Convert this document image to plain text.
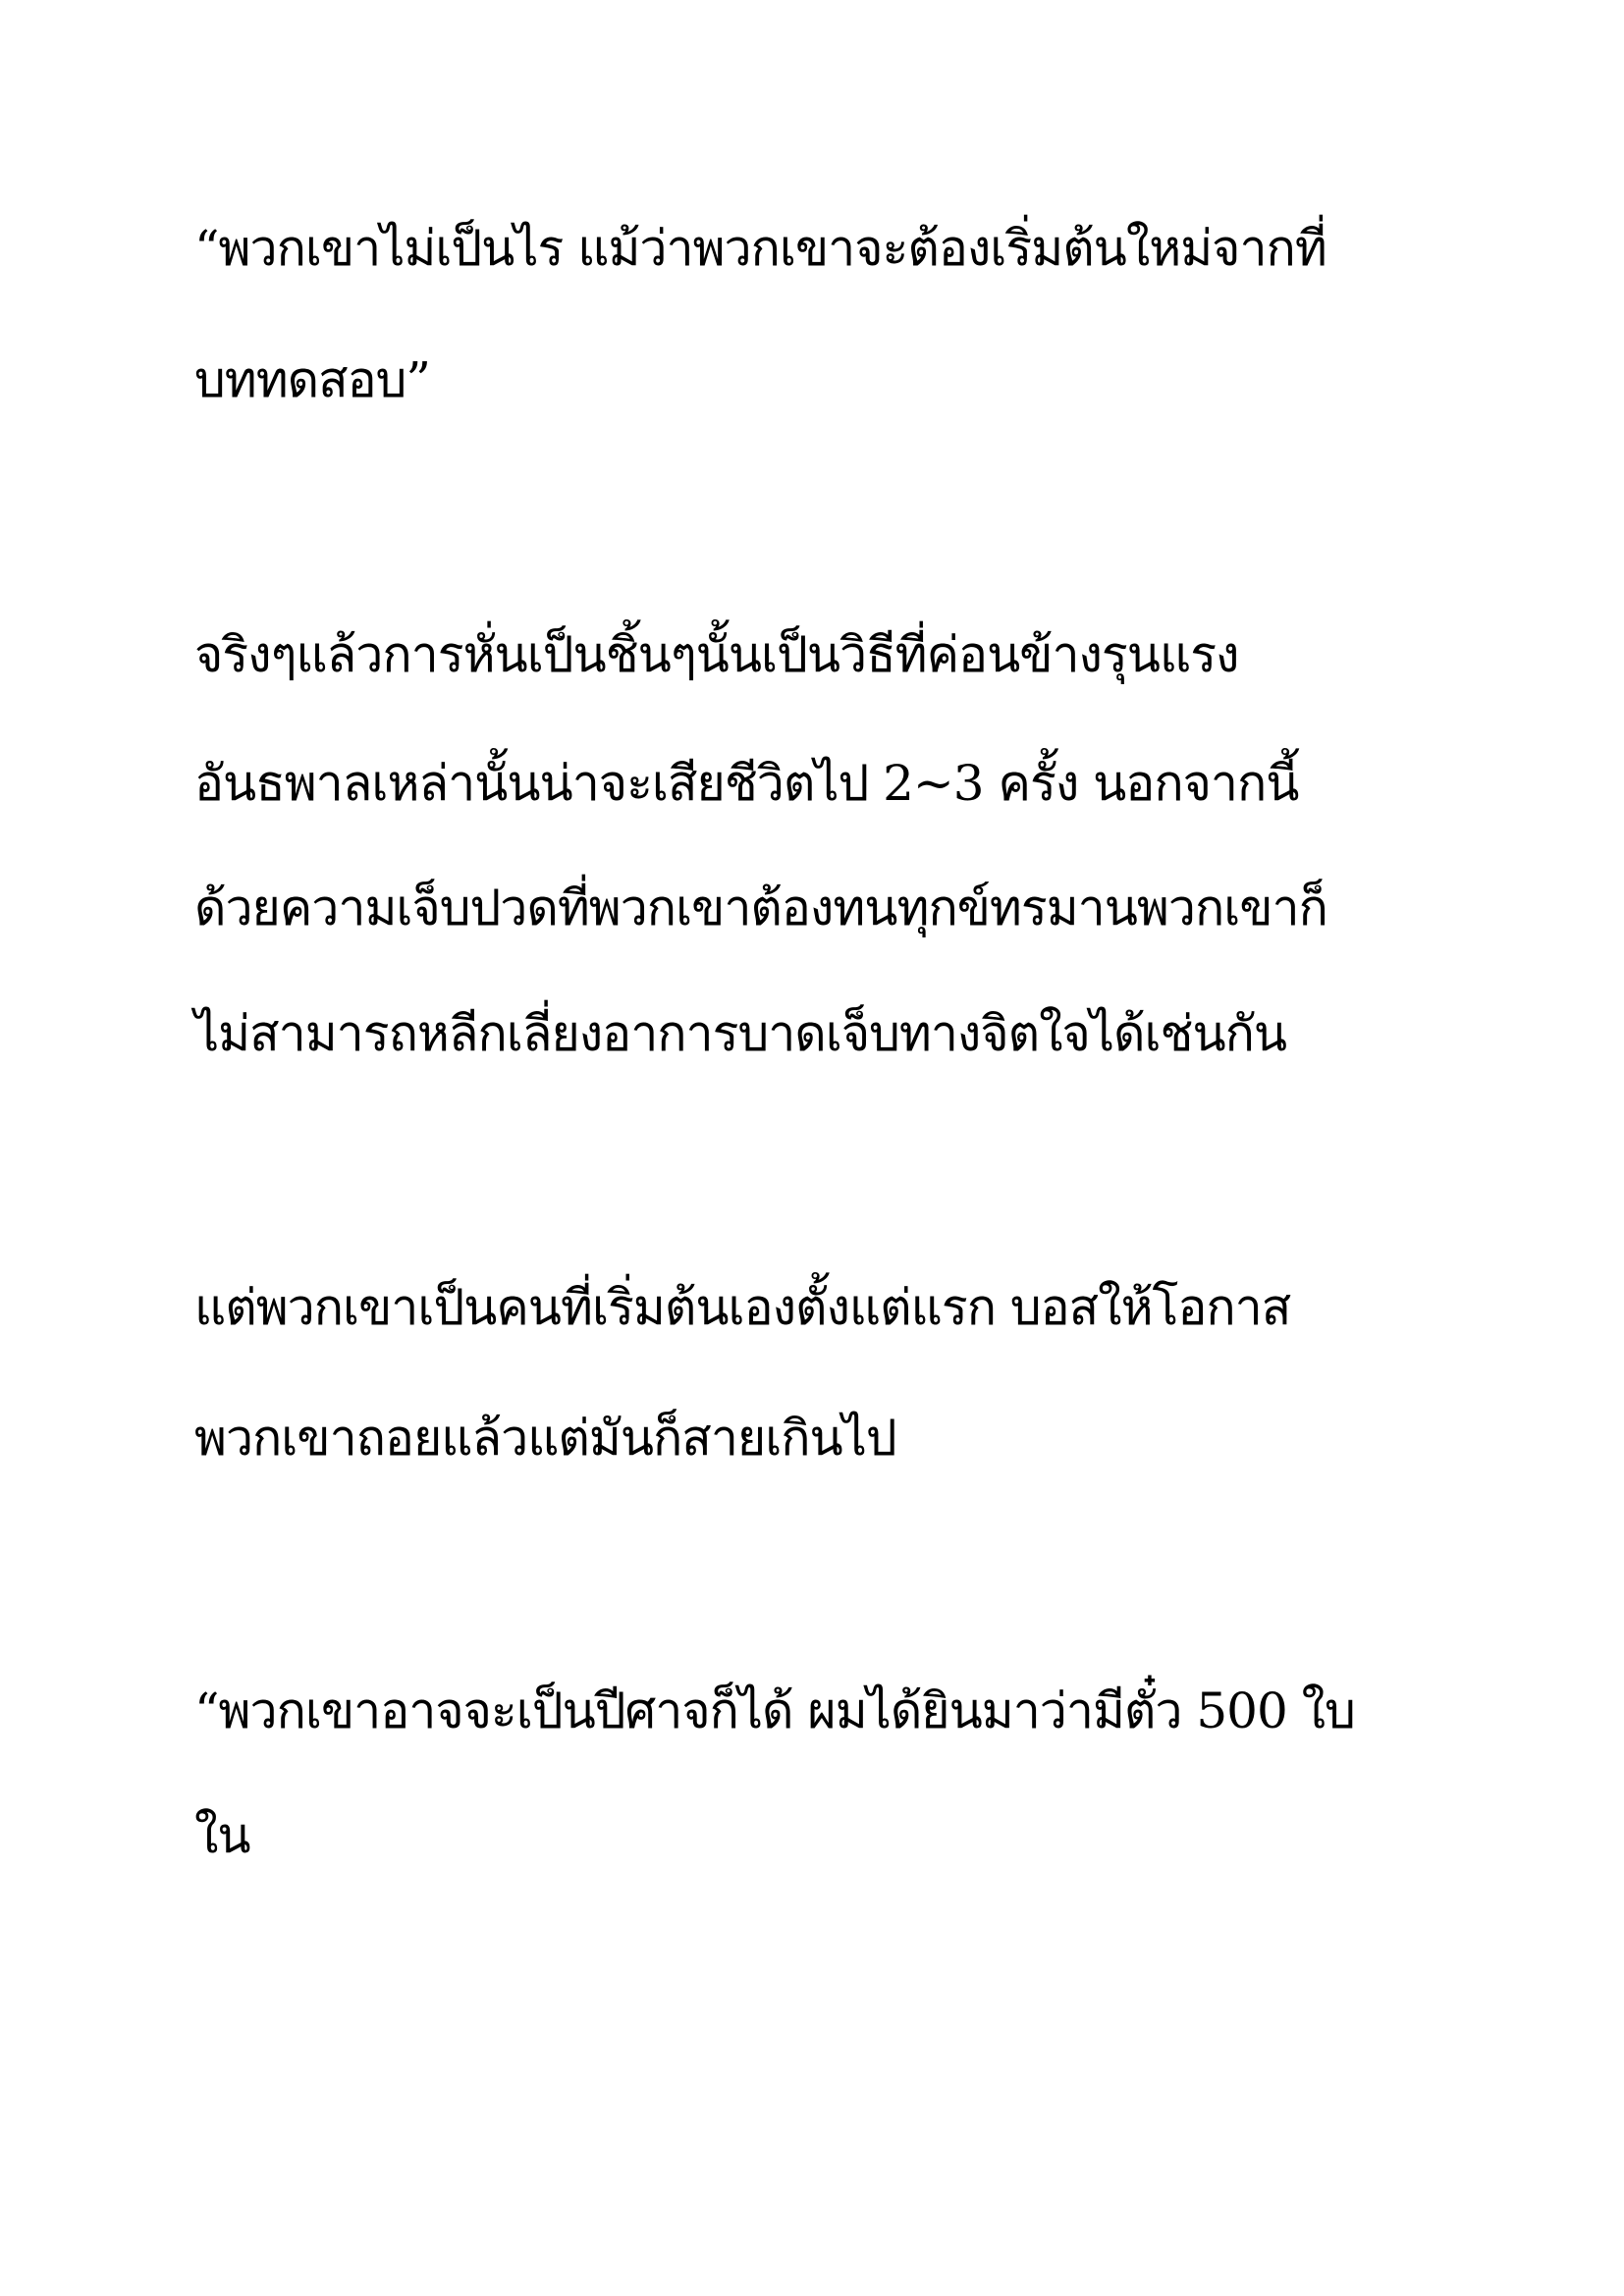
“พวกเขาไม่เป็นไร แม้ว่าพวกเขาจะต้องเริ่มต้นใหม่จากที่
บททดสอบ”
จริงๆแล้วการหั่นเป็นชิ้นๆนั้นเป็นวิธีที่ค่อนข้างรุนแรง
อันธพาลเหล่านั้นน่าจะเสียชีวิตไป 2~3 ครั้ง นอกจากนี้
ด้วยความเจ็บปวดที่พวกเขาต้องทนทุกข์ทรมานพวกเขาก็
ไม่สามารถหลีกเลี่ยงอาการบาดเจ็บทางจิตใจได้เช่นกัน
แต่พวกเขาเป็นคนที่เริ่มต้นเองตั้งแต่แรก บอสให้โอกาส
พวกเขาถอยแล้วแต่มันก็สายเกินไป
“พวกเขาอาจจะเป็นปีศาจก็ได้ ผมได้ยินมาว่ามีตั๋ว 500 ใบ
ใน
